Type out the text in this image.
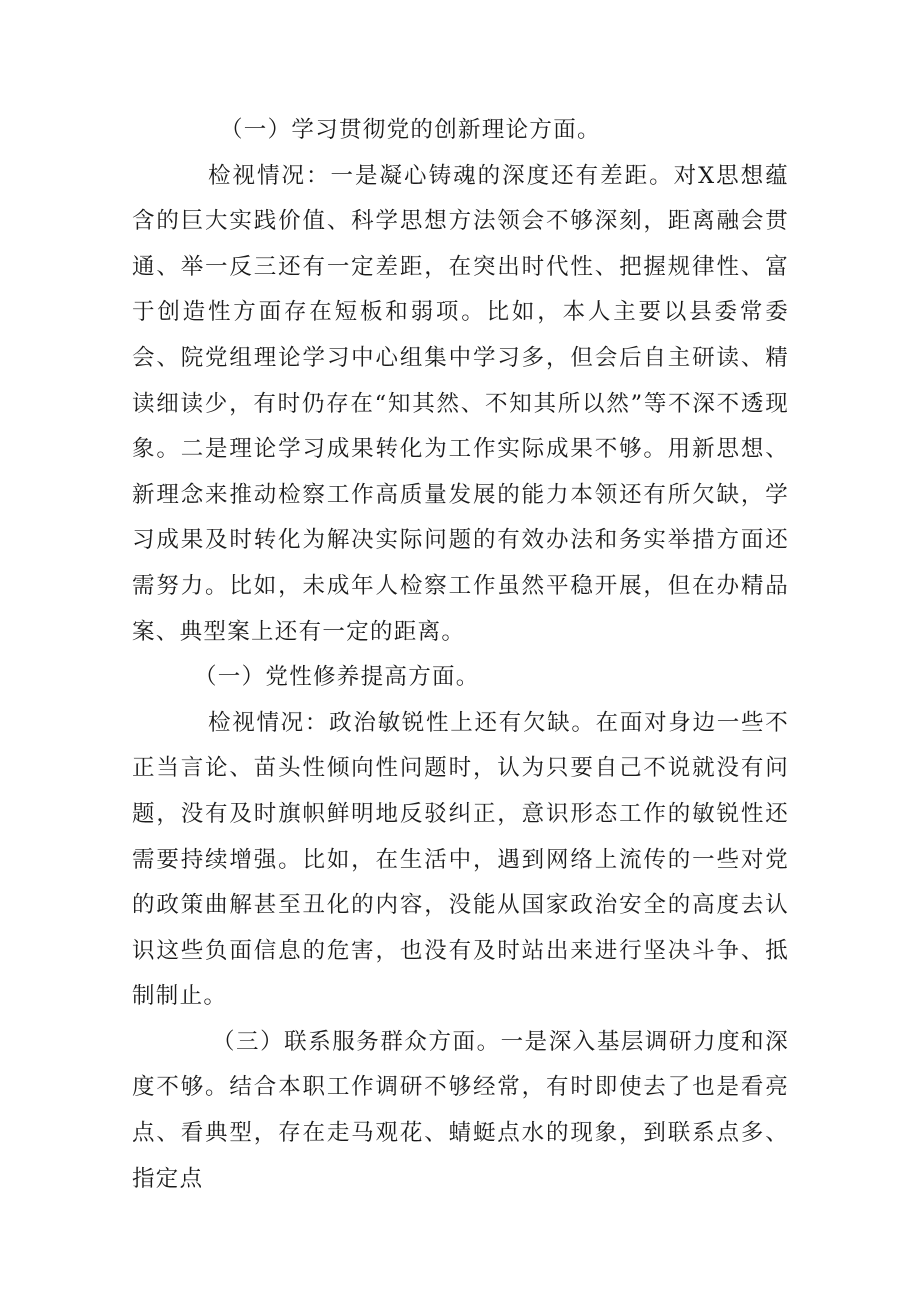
（一）学习贯彻党的创新理论方面。

检视情况：一是凝心铸魂的深度还有差距。对X思想蕴含的巨大实践价值、科学思想方法领会不够深刻，距离融会贯通、举一反三还有一定差距，在突出时代性、把握规律性、富于创造性方面存在短板和弱项。比如，本人主要以县委常委会、院党组理论学习中心组集中学习多，但会后自主研读、精读细读少，有时仍存在“知其然、不知其所以然”等不深不透现象。二是理论学习成果转化为工作实际成果不够。用新思想、新理念来推动检察工作高质量发展的能力本领还有所欠缺，学习成果及时转化为解决实际问题的有效办法和务实举措方面还需努力。比如，未成年人检察工作虽然平稳开展，但在办精品案、典型案上还有一定的距离。

（一）党性修养提高方面。

检视情况：政治敏锐性上还有欠缺。在面对身边一些不正当言论、苗头性倾向性问题时，认为只要自己不说就没有问题，没有及时旗帜鲜明地反驳纠正，意识形态工作的敏锐性还需要持续增强。比如，在生活中，遇到网络上流传的一些对党的政策曲解甚至丑化的内容，没能从国家政治安全的高度去认识这些负面信息的危害，也没有及时站出来进行坚决斗争、抵制制止。

（三）联系服务群众方面。一是深入基层调研力度和深度不够。结合本职工作调研不够经常，有时即使去了也是看亮点、看典型，存在走马观花、蜻蜓点水的现象，到联系点多、指定点
